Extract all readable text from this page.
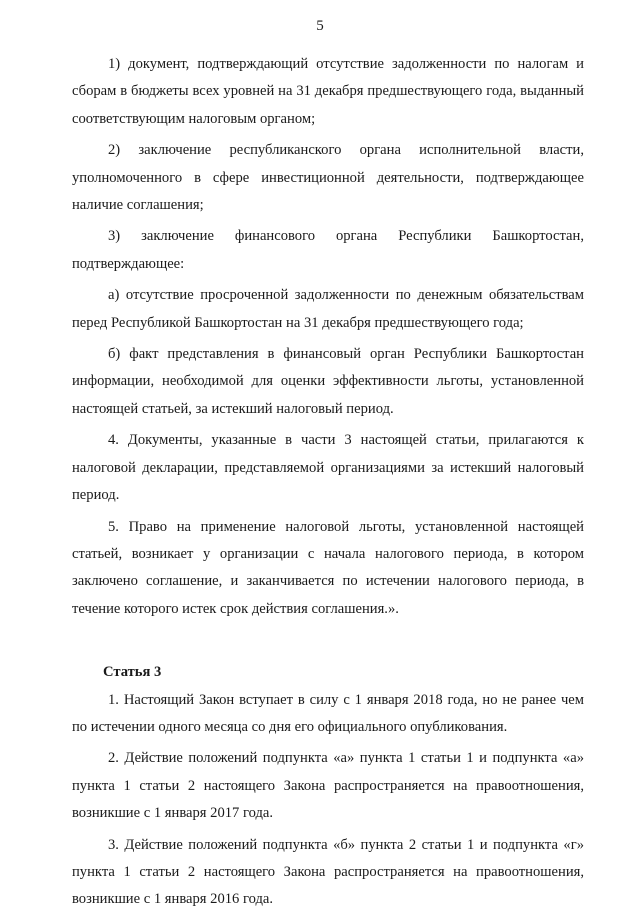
5

1) документ, подтверждающий отсутствие задолженности по налогам и сборам в бюджеты всех уровней на 31 декабря предшествующего года, выданный соответствующим налоговым органом;

2) заключение республиканского органа исполнительной власти, уполномоченного в сфере инвестиционной деятельности, подтверждающее наличие соглашения;

3) заключение финансового органа Республики Башкортостан, подтверждающее:

а) отсутствие просроченной задолженности по денежным обязательствам перед Республикой Башкортостан на 31 декабря предшествующего года;

б) факт представления в финансовый орган Республики Башкортостан информации, необходимой для оценки эффективности льготы, установленной настоящей статьей, за истекший налоговый период.

4. Документы, указанные в части 3 настоящей статьи, прилагаются к налоговой декларации, представляемой организациями за истекший налоговый период.

5. Право на применение налоговой льготы, установленной настоящей статьей, возникает у организации с начала налогового периода, в котором заключено соглашение, и заканчивается по истечении налогового периода, в течение которого истек срок действия соглашения.».

Статья 3

1. Настоящий Закон вступает в силу с 1 января 2018 года, но не ранее чем по истечении одного месяца со дня его официального опубликования.

2. Действие положений подпункта «а» пункта 1 статьи 1 и подпункта «а» пункта 1 статьи 2 настоящего Закона распространяется на правоотношения, возникшие с 1 января 2017 года.

3. Действие положений подпункта «б» пункта 2 статьи 1 и подпункта «г» пункта 1 статьи 2 настоящего Закона распространяется на правоотношения, возникшие с 1 января 2016 года.
